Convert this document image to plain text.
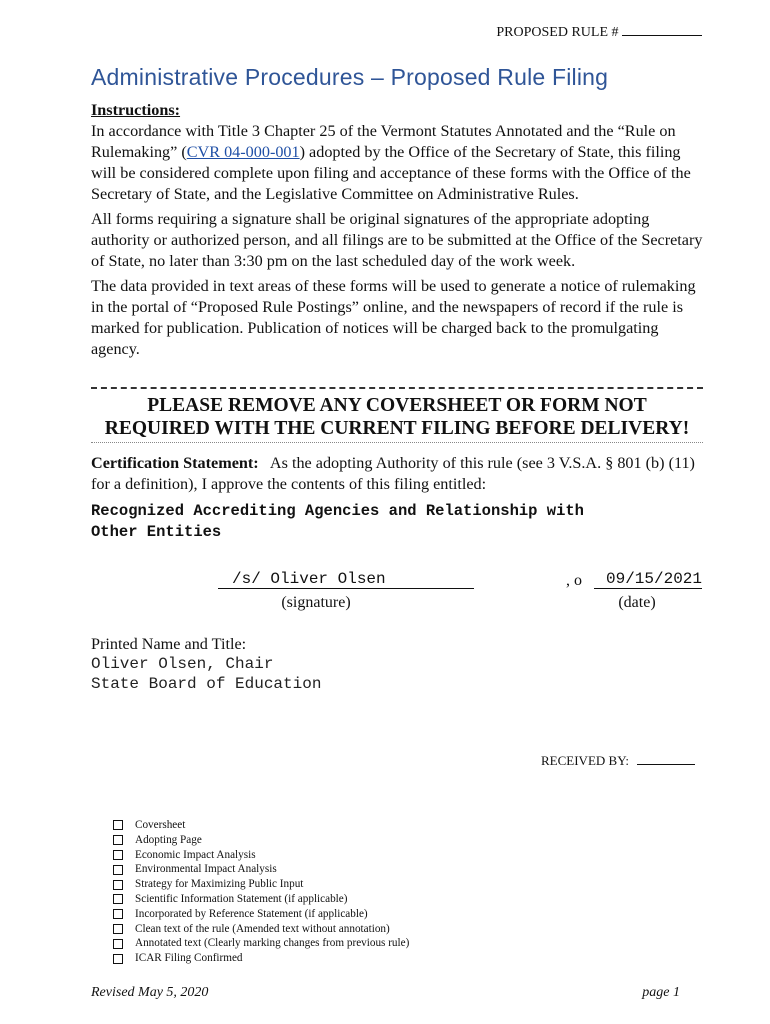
PROPOSED RULE #
Administrative Procedures – Proposed Rule Filing
Instructions:

In accordance with Title 3 Chapter 25 of the Vermont Statutes Annotated and the “Rule on Rulemaking” (CVR 04-000-001) adopted by the Office of the Secretary of State, this filing will be considered complete upon filing and acceptance of these forms with the Office of the Secretary of State, and the Legislative Committee on Administrative Rules.

All forms requiring a signature shall be original signatures of the appropriate adopting authority or authorized person, and all filings are to be submitted at the Office of the Secretary of State, no later than 3:30 pm on the last scheduled day of the work week.

The data provided in text areas of these forms will be used to generate a notice of rulemaking in the portal of “Proposed Rule Postings” online, and the newspapers of record if the rule is marked for publication. Publication of notices will be charged back to the promulgating agency.

PLEASE REMOVE ANY COVERSHEET OR FORM NOT
REQUIRED WITH THE CURRENT FILING BEFORE DELIVERY!
Certification Statement: As the adopting Authority of this rule (see 3 V.S.A. § 801 (b) (11) for a definition), I approve the contents of this filing entitled:
Recognized Accrediting Agencies and Relationship with
Other Entities
/s/ Oliver Olsen
(signature)
, o	09/15/2021
(date)
Printed Name and Title:
Oliver Olsen, Chair
State Board of Education
RECEIVED BY:
Coversheet
Adopting Page
Economic Impact Analysis
Environmental Impact Analysis
Strategy for Maximizing Public Input
Scientific Information Statement (if applicable)
Incorporated by Reference Statement (if applicable)
Clean text of the rule (Amended text without annotation)
Annotated text (Clearly marking changes from previous rule)
ICAR Filing Confirmed
Revised May 5, 2020	page 1
